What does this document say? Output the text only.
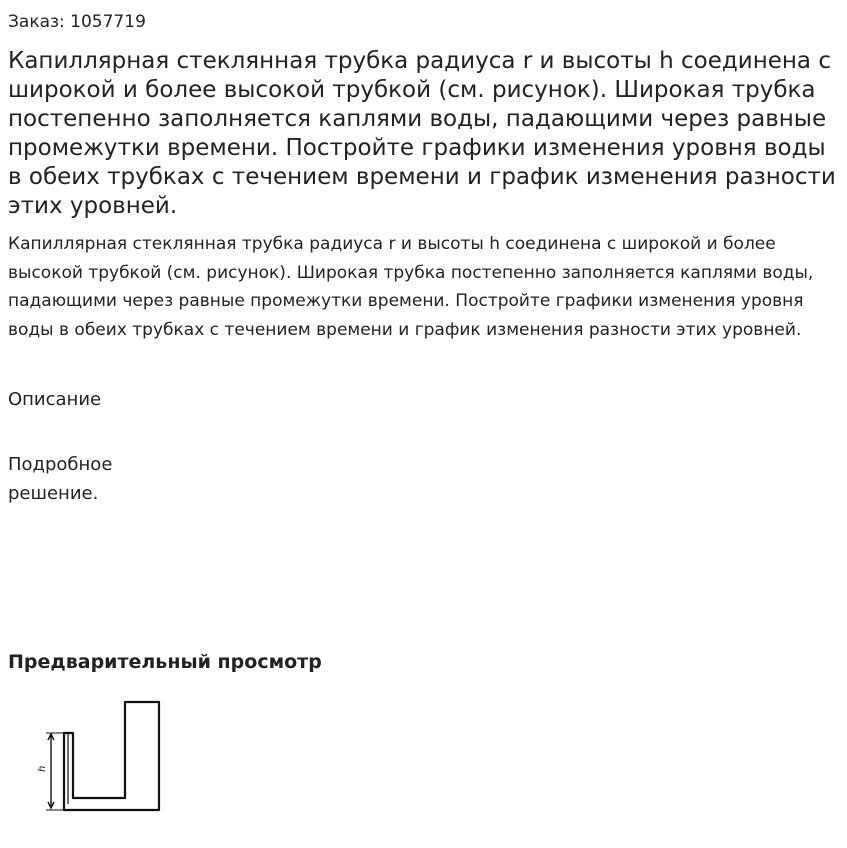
Заказ: 1057719
Капиллярная стеклянная трубка радиуса r и высоты h соединена с широкой и более высокой трубкой (см. рисунок). Широкая трубка постепенно заполняется каплями воды, падающими через равные промежутки времени. Постройте графики изменения уровня воды в обеих трубках с течением времени и график изменения разности этих уровней.

Капиллярная стеклянная трубка радиуса r и высоты h соединена с широкой и более высокой трубкой (см. рисунок). Широкая трубка постепенно заполняется каплями воды, падающими через равные промежутки времени. Постройте графики изменения уровня воды в обеих трубках с течением времени и график изменения разности этих уровней.

Описание
Подробное решение.
Предварительный просмотр
h
